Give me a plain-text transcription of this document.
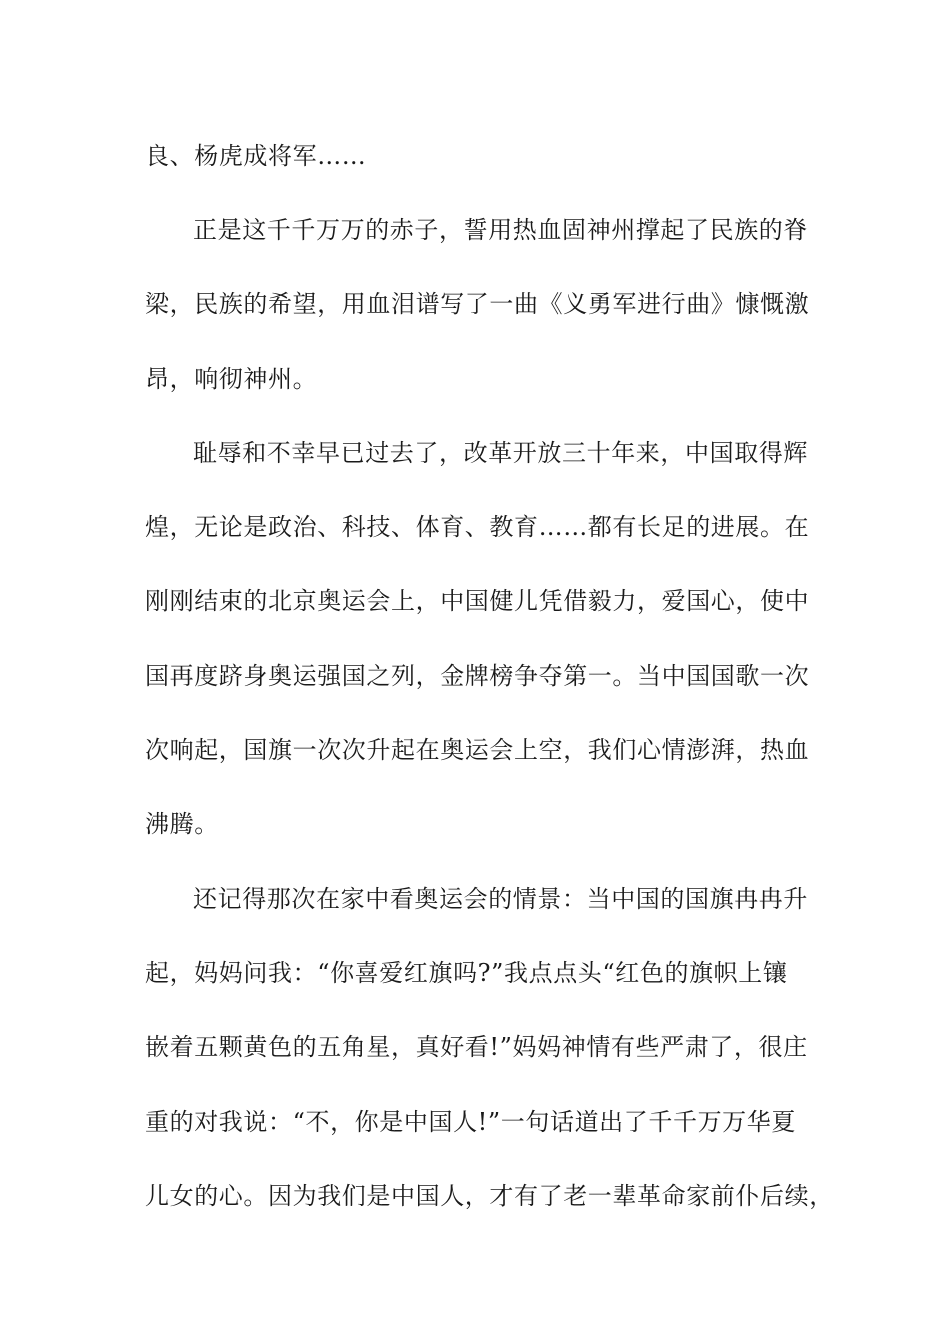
良、杨虎成将军……
正是这千千万万的赤子，誓用热血固神州撑起了民族的脊
梁，民族的希望，用血泪谱写了一曲《义勇军进行曲》慷慨激
昂，响彻神州。
耻辱和不幸早已过去了，改革开放三十年来，中国取得辉
煌，无论是政治、科技、体育、教育……都有长足的进展。在
刚刚结束的北京奥运会上，中国健儿凭借毅力，爱国心，使中
国再度跻身奥运强国之列，金牌榜争夺第一。当中国国歌一次
次响起，国旗一次次升起在奥运会上空，我们心情澎湃，热血
沸腾。
还记得那次在家中看奥运会的情景：当中国的国旗冉冉升
起，妈妈问我：“你喜爱红旗吗?”我点点头“红色的旗帜上镶
嵌着五颗黄色的五角星，真好看!”妈妈神情有些严肃了，很庄
重的对我说：“不，你是中国人!”一句话道出了千千万万华夏
儿女的心。因为我们是中国人，才有了老一辈革命家前仆后续，
